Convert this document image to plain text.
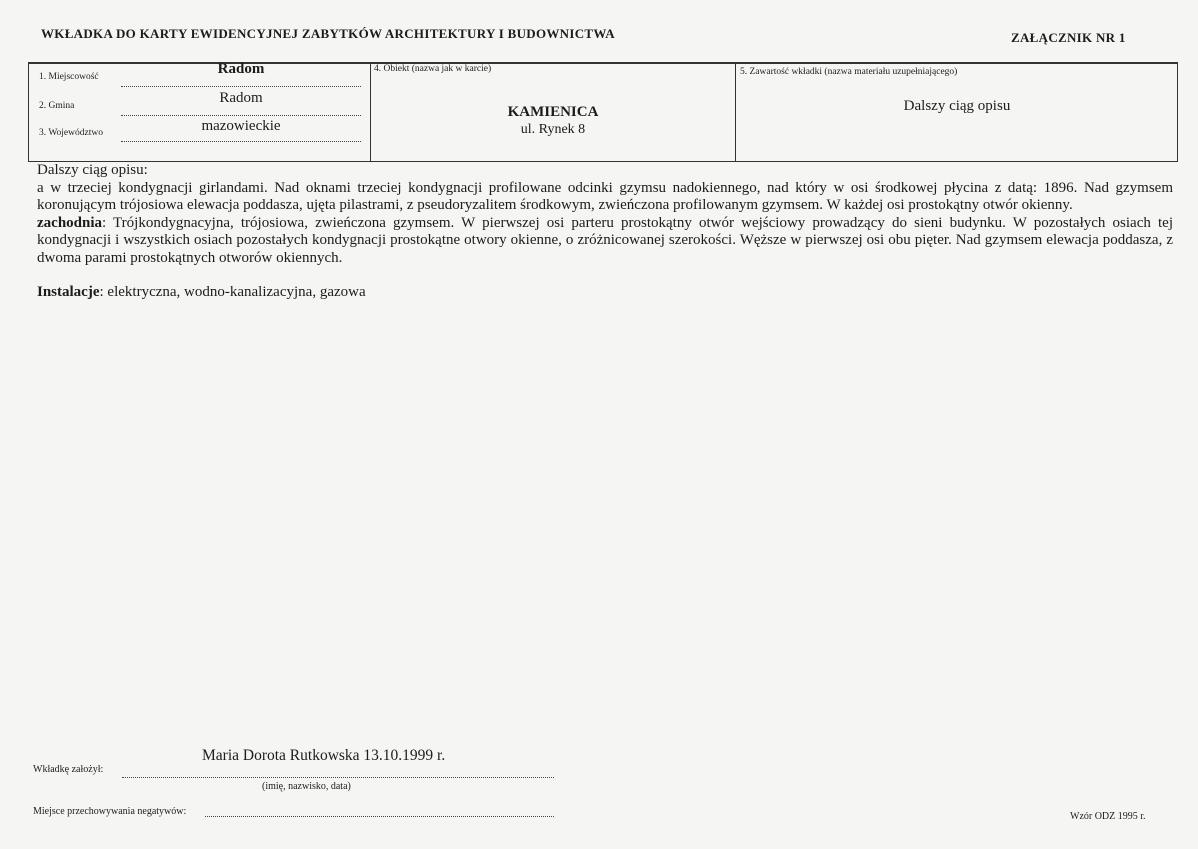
WKŁADKA DO KARTY EWIDENCYJNEJ ZABYTKÓW ARCHITEKTURY I BUDOWNICTWA	ZAŁĄCZNIK NR 1
1. Miejscowość	Radom
2. Gmina	Radom
3. Województwo	mazowieckie
4. Obiekt (nazwa jak w karcie)
KAMIENICA
ul. Rynek 8
5. Zawartość wkładki (nazwa materiału uzupełniającego)
Dalszy ciąg opisu

Dalszy ciąg opisu:

a w trzeciej kondygnacji girlandami. Nad oknami trzeciej kondygnacji profilowane odcinki gzymsu nadokiennego, nad który w osi środkowej płycina z datą: 1896. Nad gzymsem koronującym trójosiowa elewacja poddasza, ujęta pilastrami, z pseudoryzalitem środkowym, zwieńczona profilowanym gzymsem. W każdej osi prostokątny otwór okienny.

zachodnia: Trójkondygnacyjna, trójosiowa, zwieńczona gzymsem. W pierwszej osi parteru prostokątny otwór wejściowy prowadzący do sieni budynku. W pozostałych osiach tej kondygnacji i wszystkich osiach pozostałych kondygnacji prostokątne otwory okienne, o zróżnicowanej szerokości. Węższe w pierwszej osi obu pięter. Nad gzymsem elewacja poddasza, z dwoma parami prostokątnych otworów okiennych.

Instalacje: elektryczna, wodno-kanalizacyjna, gazowa

Maria Dorota Rutkowska 13.10.1999 r.
Wkładkę założył:
(imię, nazwisko, data)
Miejsce przechowywania negatywów:	Wzór ODZ 1995 r.
